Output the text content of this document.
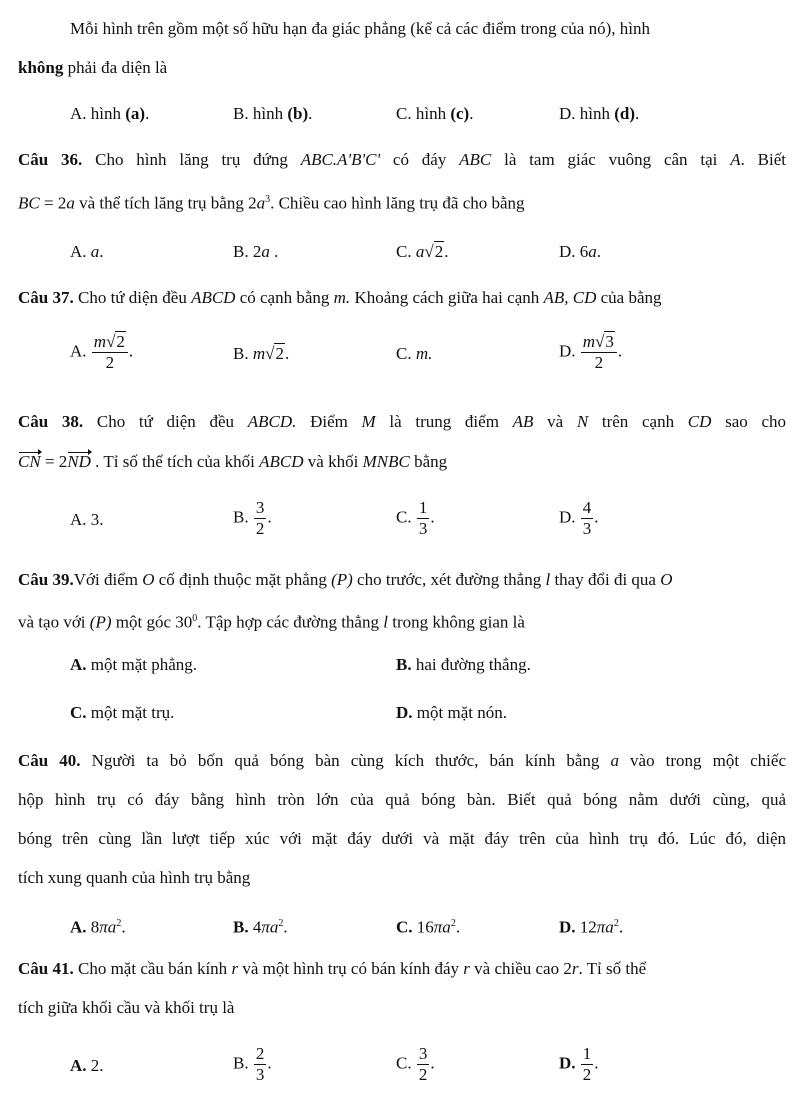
Mỗi hình trên gồm một số hữu hạn đa giác phẳng (kể cả các điểm trong của nó), hình
không phải đa diện là
A. hình (a).	B. hình (b).	C. hình (c).	D. hình (d).
Câu 36. Cho hình lăng trụ đứng ABC.A'B'C' có đáy ABC là tam giác vuông cân tại A. Biết
BC = 2a và thể tích lăng trụ bằng $2a^3$. Chiều cao hình lăng trụ đã cho bằng
A. a.	B. 2a .	C. a√2.	D. 6a.
Câu 37. Cho tứ diện đều ABCD có cạnh bằng m. Khoảng cách giữa hai cạnh AB, CD của bằng
A. $\frac{m√2}{2}$ .	B. m√2.	C. m.	D. $\frac{m√3}{2}$ .
Câu 38. Cho tứ diện đều ABCD. Điểm M là trung điểm AB và N trên cạnh CD sao cho
CN = 2ND . Tỉ số thể tích của khối ABCD và khối MNBC bằng
A. 3.	B. $\frac{3}{2}$ .	C. $\frac{1}{3}$ .	D. $\frac{4}{3}$ .
Câu 39.Với điểm O cố định thuộc mặt phẳng (P) cho trước, xét đường thẳng l thay đổi đi qua O
và tạo với (P) một góc $30^0$. Tập hợp các đường thẳng l trong không gian là
A. một mặt phẳng.	B. hai đường thẳng.
C. một mặt trụ.	D. một mặt nón.
Câu 40. Người ta bỏ bốn quả bóng bàn cùng kích thước, bán kính bằng a vào trong một chiếc
hộp hình trụ có đáy bằng hình tròn lớn của quả bóng bàn. Biết quả bóng nằm dưới cùng, quả
bóng trên cùng lần lượt tiếp xúc với mặt đáy dưới và mặt đáy trên của hình trụ đó. Lúc đó, diện
tích xung quanh của hình trụ bằng
A. $8\pi a^2$.	B. $4\pi a^2$.	C. $16\pi a^2$.	D. $12\pi a^2$.
Câu 41. Cho mặt cầu bán kính r và một hình trụ có bán kính đáy r và chiều cao 2r. Tỉ số thể
tích giữa khối cầu và khối trụ là
A. 2.	B. $\frac{2}{3}$ .	C. $\frac{3}{2}$ .	D. $\frac{1}{2}$ .
